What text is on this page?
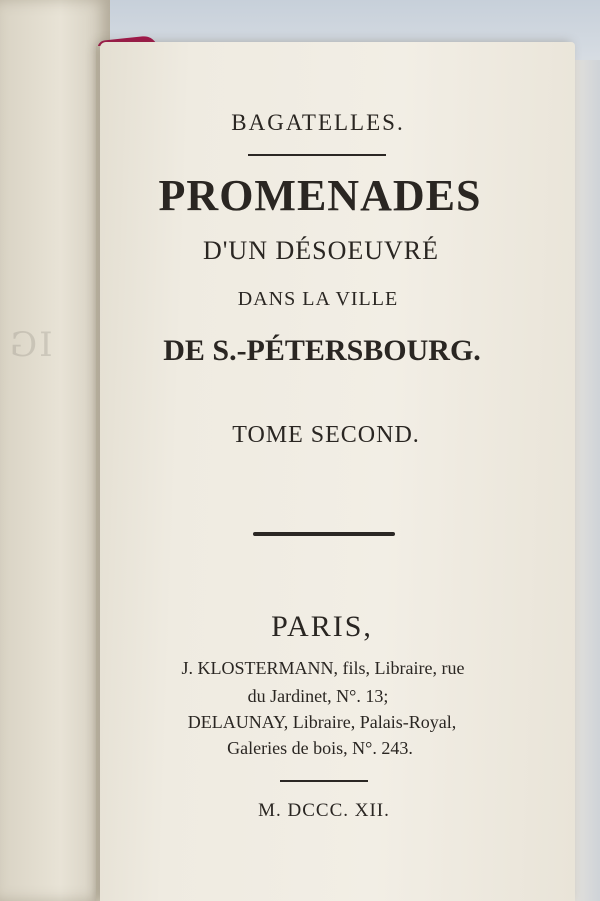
IG
BAGATELLES.
PROMENADES
D'UN DÉSOEUVRÉ
DANS LA VILLE
DE S.-PÉTERSBOURG.
TOME SECOND.
PARIS,
J. KLOSTERMANN, fils, Libraire, rue
du Jardinet, N°. 13;
DELAUNAY, Libraire, Palais-Royal,
Galeries de bois, N°. 243.
M. DCCC. XII.
